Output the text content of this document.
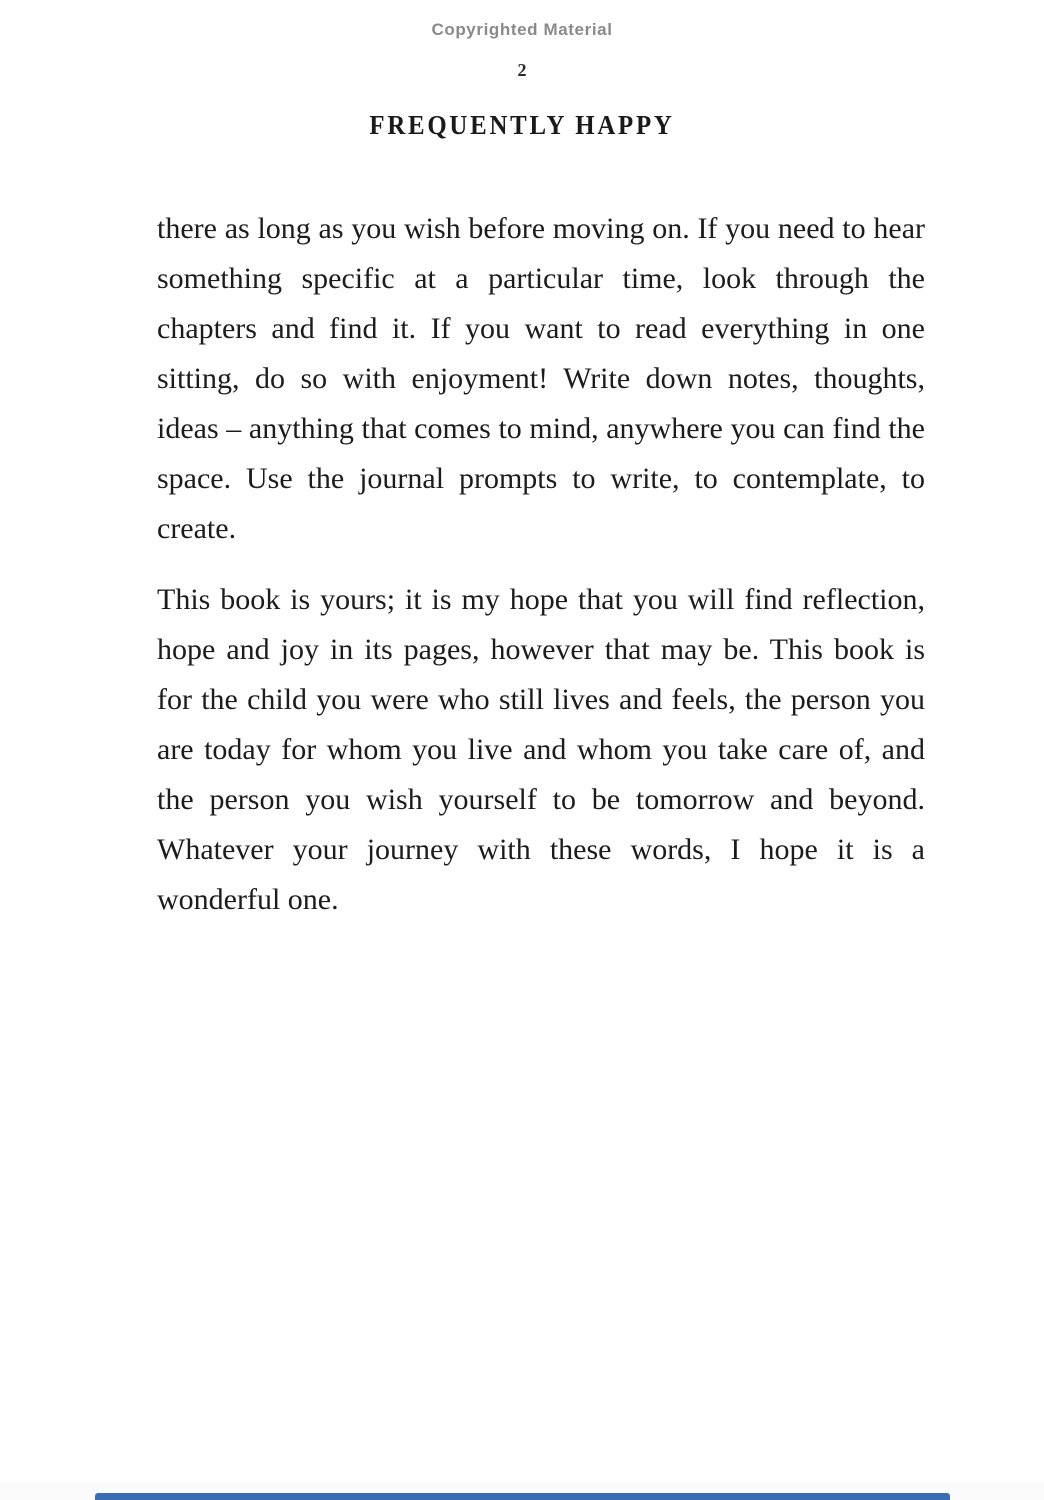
Copyrighted Material
2
FREQUENTLY HAPPY

there as long as you wish before moving on. If you need to hear something specific at a particular time, look through the chapters and find it. If you want to read everything in one sitting, do so with enjoyment! Write down notes, thoughts, ideas – anything that comes to mind, anywhere you can find the space. Use the journal prompts to write, to contemplate, to create.

This book is yours; it is my hope that you will find reflection, hope and joy in its pages, however that may be. This book is for the child you were who still lives and feels, the person you are today for whom you live and whom you take care of, and the person you wish yourself to be tomorrow and beyond. Whatever your journey with these words, I hope it is a wonderful one.
